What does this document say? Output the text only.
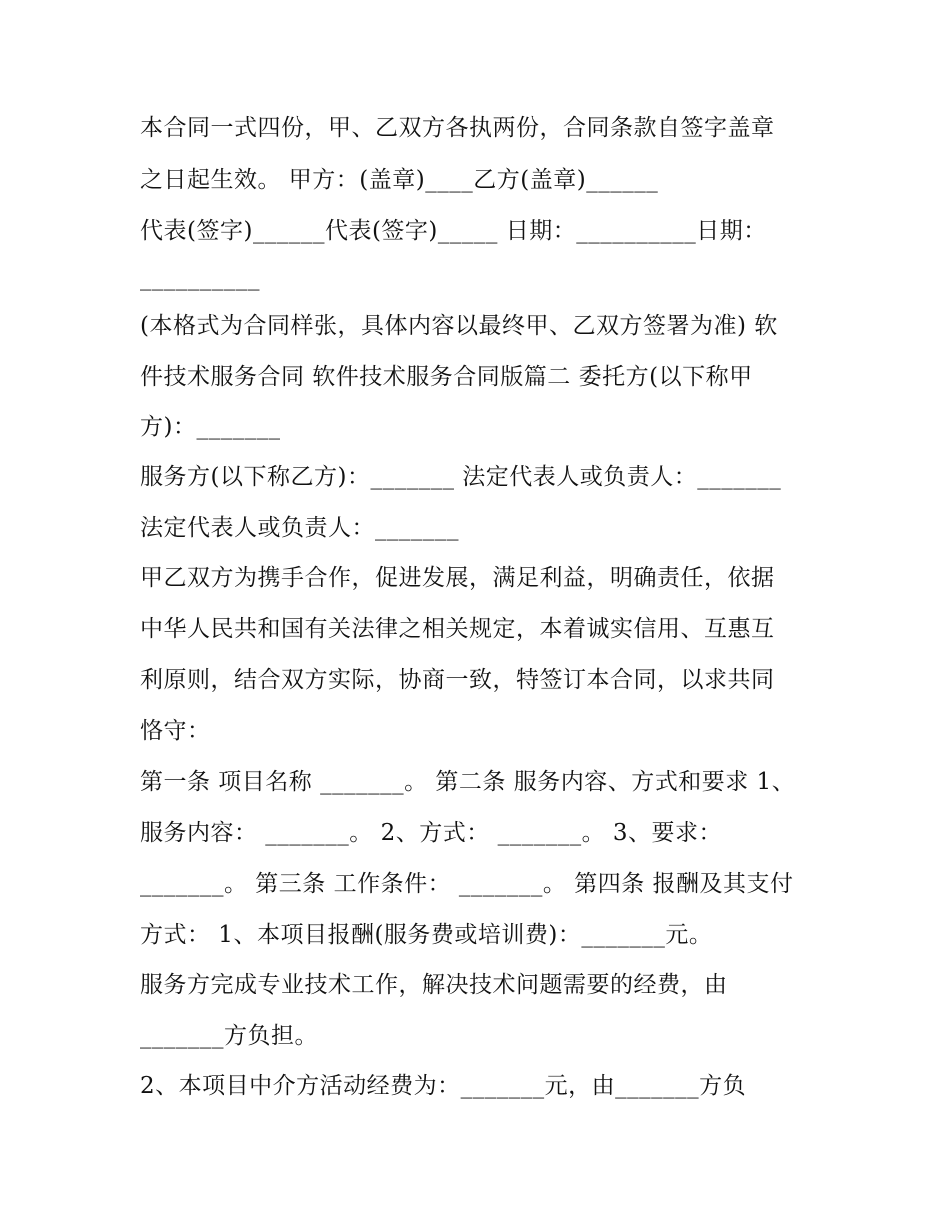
本合同一式四份，甲、乙双方各执两份，合同条款自签字盖章
之日起生效。 甲方：(盖章)____乙方(盖章)______
代表(签字)______代表(签字)_____ 日期：__________日期：
__________
(本格式为合同样张，具体内容以最终甲、乙双方签署为准) 软
件技术服务合同 软件技术服务合同版篇二 委托方(以下称甲
方)：_______
服务方(以下称乙方)：_______ 法定代表人或负责人：_______
法定代表人或负责人：_______
甲乙双方为携手合作，促进发展，满足利益，明确责任，依据
中华人民共和国有关法律之相关规定，本着诚实信用、互惠互
利原则，结合双方实际，协商一致，特签订本合同，以求共同
恪守：
第一条 项目名称 _______。 第二条 服务内容、方式和要求 1、
服务内容： _______。 2、方式： _______。 3、要求：
_______。 第三条 工作条件： _______。 第四条 报酬及其支付
方式： 1、本项目报酬(服务费或培训费)：_______元。
服务方完成专业技术工作，解决技术问题需要的经费，由
_______方负担。
2、本项目中介方活动经费为：_______元，由_______方负
